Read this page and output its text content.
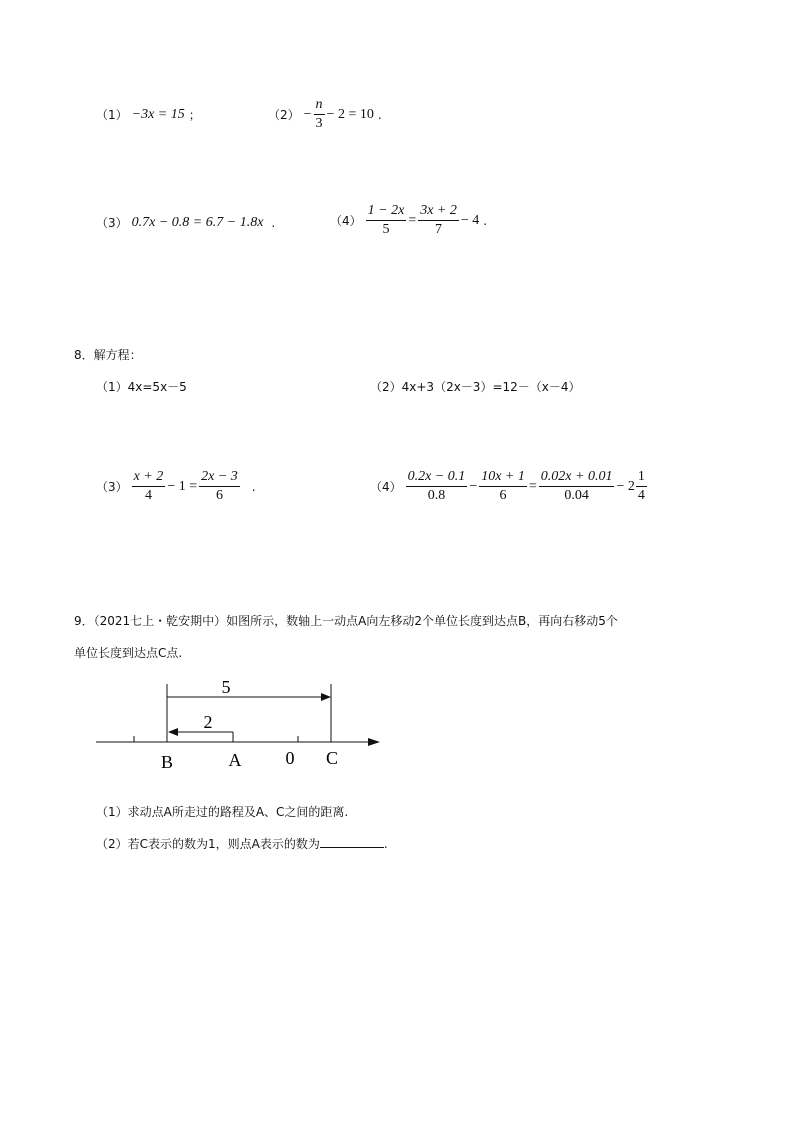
（1） −3x = 15 ；	$(2) - \frac{n}{3} - 2 = 10$ .
（3） 0.7x − 0.8 = 6.7 − 1.8x .	$(4) \frac{1 - 2x}{5} = \frac{3x + 2}{7} - 4$ .
8．解方程：
（1）4x=5x－5	（2）4x+3（2x－3）=12－（x－4）
$(3) \frac{x + 2}{4} - 1 = \frac{2x - 3}{6}$ .	$(4) \frac{0.2x - 0.1}{0.8} - \frac{10x + 1}{6} = \frac{0.02x + 0.01}{0.04} - 2 \frac{1}{4}$
9．（2021七上・乾安期中）如图所示，数轴上一动点A向左移动2个单位长度到达点B，再向右移动5个
单位长度到达点C点.
5
2
B	A 0 C
（1）求动点A所走过的路程及A、C之间的距离.
（2）若C表示的数为1，则点A表示的数为	.
